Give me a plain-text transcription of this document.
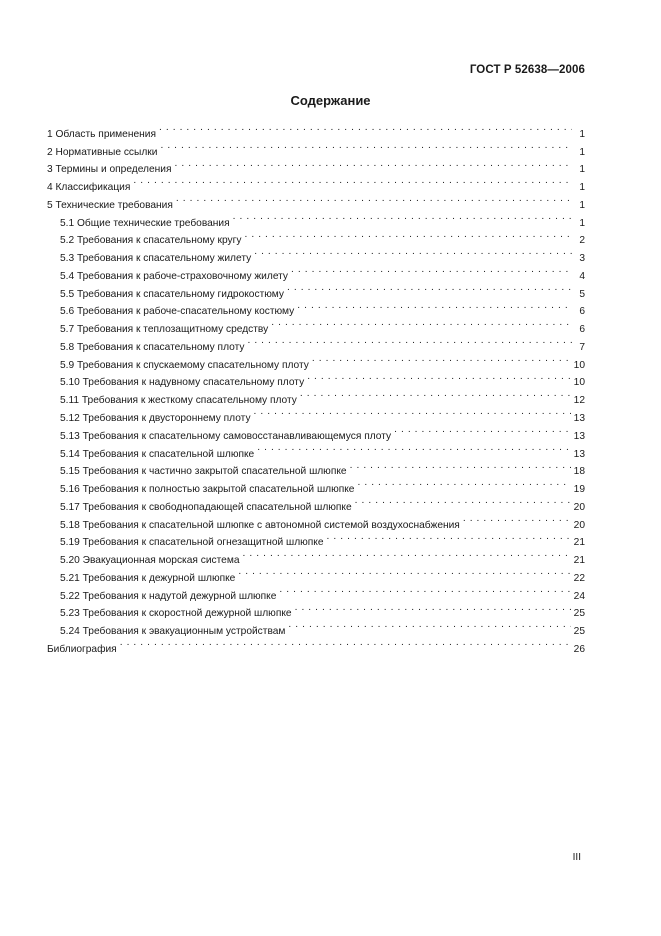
ГОСТ Р 52638—2006
Содержание
1 Область применения . . .	1
2 Нормативные ссылки . . .	1
3 Термины и определения . . .	1
4 Классификация . . .	1
5 Технические требования . . .	1
5.1 Общие технические требования . . .	1
5.2 Требования к спасательному кругу . . .	2
5.3 Требования к спасательному жилету . . .	3
5.4 Требования к рабоче-страховочному жилету . . .	4
5.5 Требования к спасательному гидрокостюму . . .	5
5.6 Требования к рабоче-спасательному костюму . . .	6
5.7 Требования к теплозащитному средству . . .	6
5.8 Требования к спасательному плоту . . .	7
5.9 Требования к спускаемому спасательному плоту . . .	10
5.10 Требования к надувному спасательному плоту . . .	10
5.11 Требования к жесткому спасательному плоту . . .	12
5.12 Требования к двустороннему плоту . . .	13
5.13 Требования к спасательному самовосстанавливающемуся плоту . . .	13
5.14 Требования к спасательной шлюпке . . .	13
5.15 Требования к частично закрытой спасательной шлюпке . . .	18
5.16 Требования к полностью закрытой спасательной шлюпке . . .	19
5.17 Требования к свободнопадающей спасательной шлюпке . . .	20
5.18 Требования к спасательной шлюпке с автономной системой воздухоснабжения . . .	20
5.19 Требования к спасательной огнезащитной шлюпке . . .	21
5.20 Эвакуационная морская система . . .	21
5.21 Требования к дежурной шлюпке . . .	22
5.22 Требования к надутой дежурной шлюпке . . .	24
5.23 Требования к скоростной дежурной шлюпке . . .	25
5.24 Требования к эвакуационным устройствам . . .	25
Библиография . . .	26
III
